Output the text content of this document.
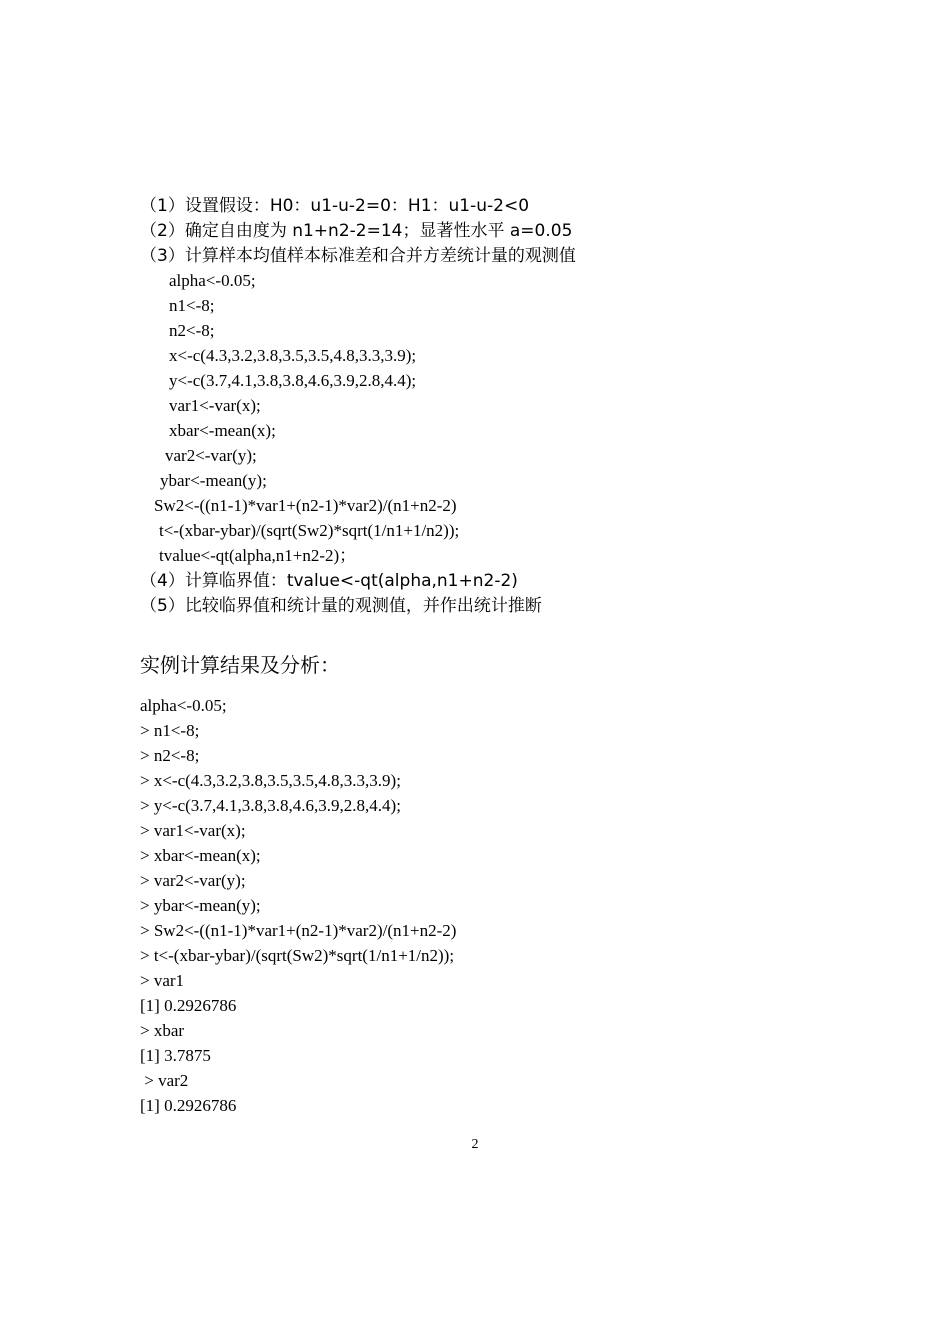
（1）设置假设：H0：u1-u-2=0：H1：u1-u-2<0
（2）确定自由度为 n1+n2-2=14；显著性水平 a=0.05
（3）计算样本均值样本标准差和合并方差统计量的观测值
alpha<-0.05;
n1<-8;
n2<-8;
x<-c(4.3,3.2,3.8,3.5,3.5,4.8,3.3,3.9);
y<-c(3.7,4.1,3.8,3.8,4.6,3.9,2.8,4.4);
var1<-var(x);
xbar<-mean(x);
var2<-var(y);
ybar<-mean(y);
Sw2<-((n1-1)*var1+(n2-1)*var2)/(n1+n2-2)
t<-(xbar-ybar)/(sqrt(Sw2)*sqrt(1/n1+1/n2));
tvalue<-qt(alpha,n1+n2-2)；
（4）计算临界值：tvalue<-qt(alpha,n1+n2-2)
（5）比较临界值和统计量的观测值，并作出统计推断
实例计算结果及分析：
alpha<-0.05;
> n1<-8;
> n2<-8;
> x<-c(4.3,3.2,3.8,3.5,3.5,4.8,3.3,3.9);
> y<-c(3.7,4.1,3.8,3.8,4.6,3.9,2.8,4.4);
> var1<-var(x);
> xbar<-mean(x);
> var2<-var(y);
> ybar<-mean(y);
> Sw2<-((n1-1)*var1+(n2-1)*var2)/(n1+n2-2)
> t<-(xbar-ybar)/(sqrt(Sw2)*sqrt(1/n1+1/n2));
> var1
[1] 0.2926786
> xbar
[1] 3.7875
> var2
[1] 0.2926786
2
